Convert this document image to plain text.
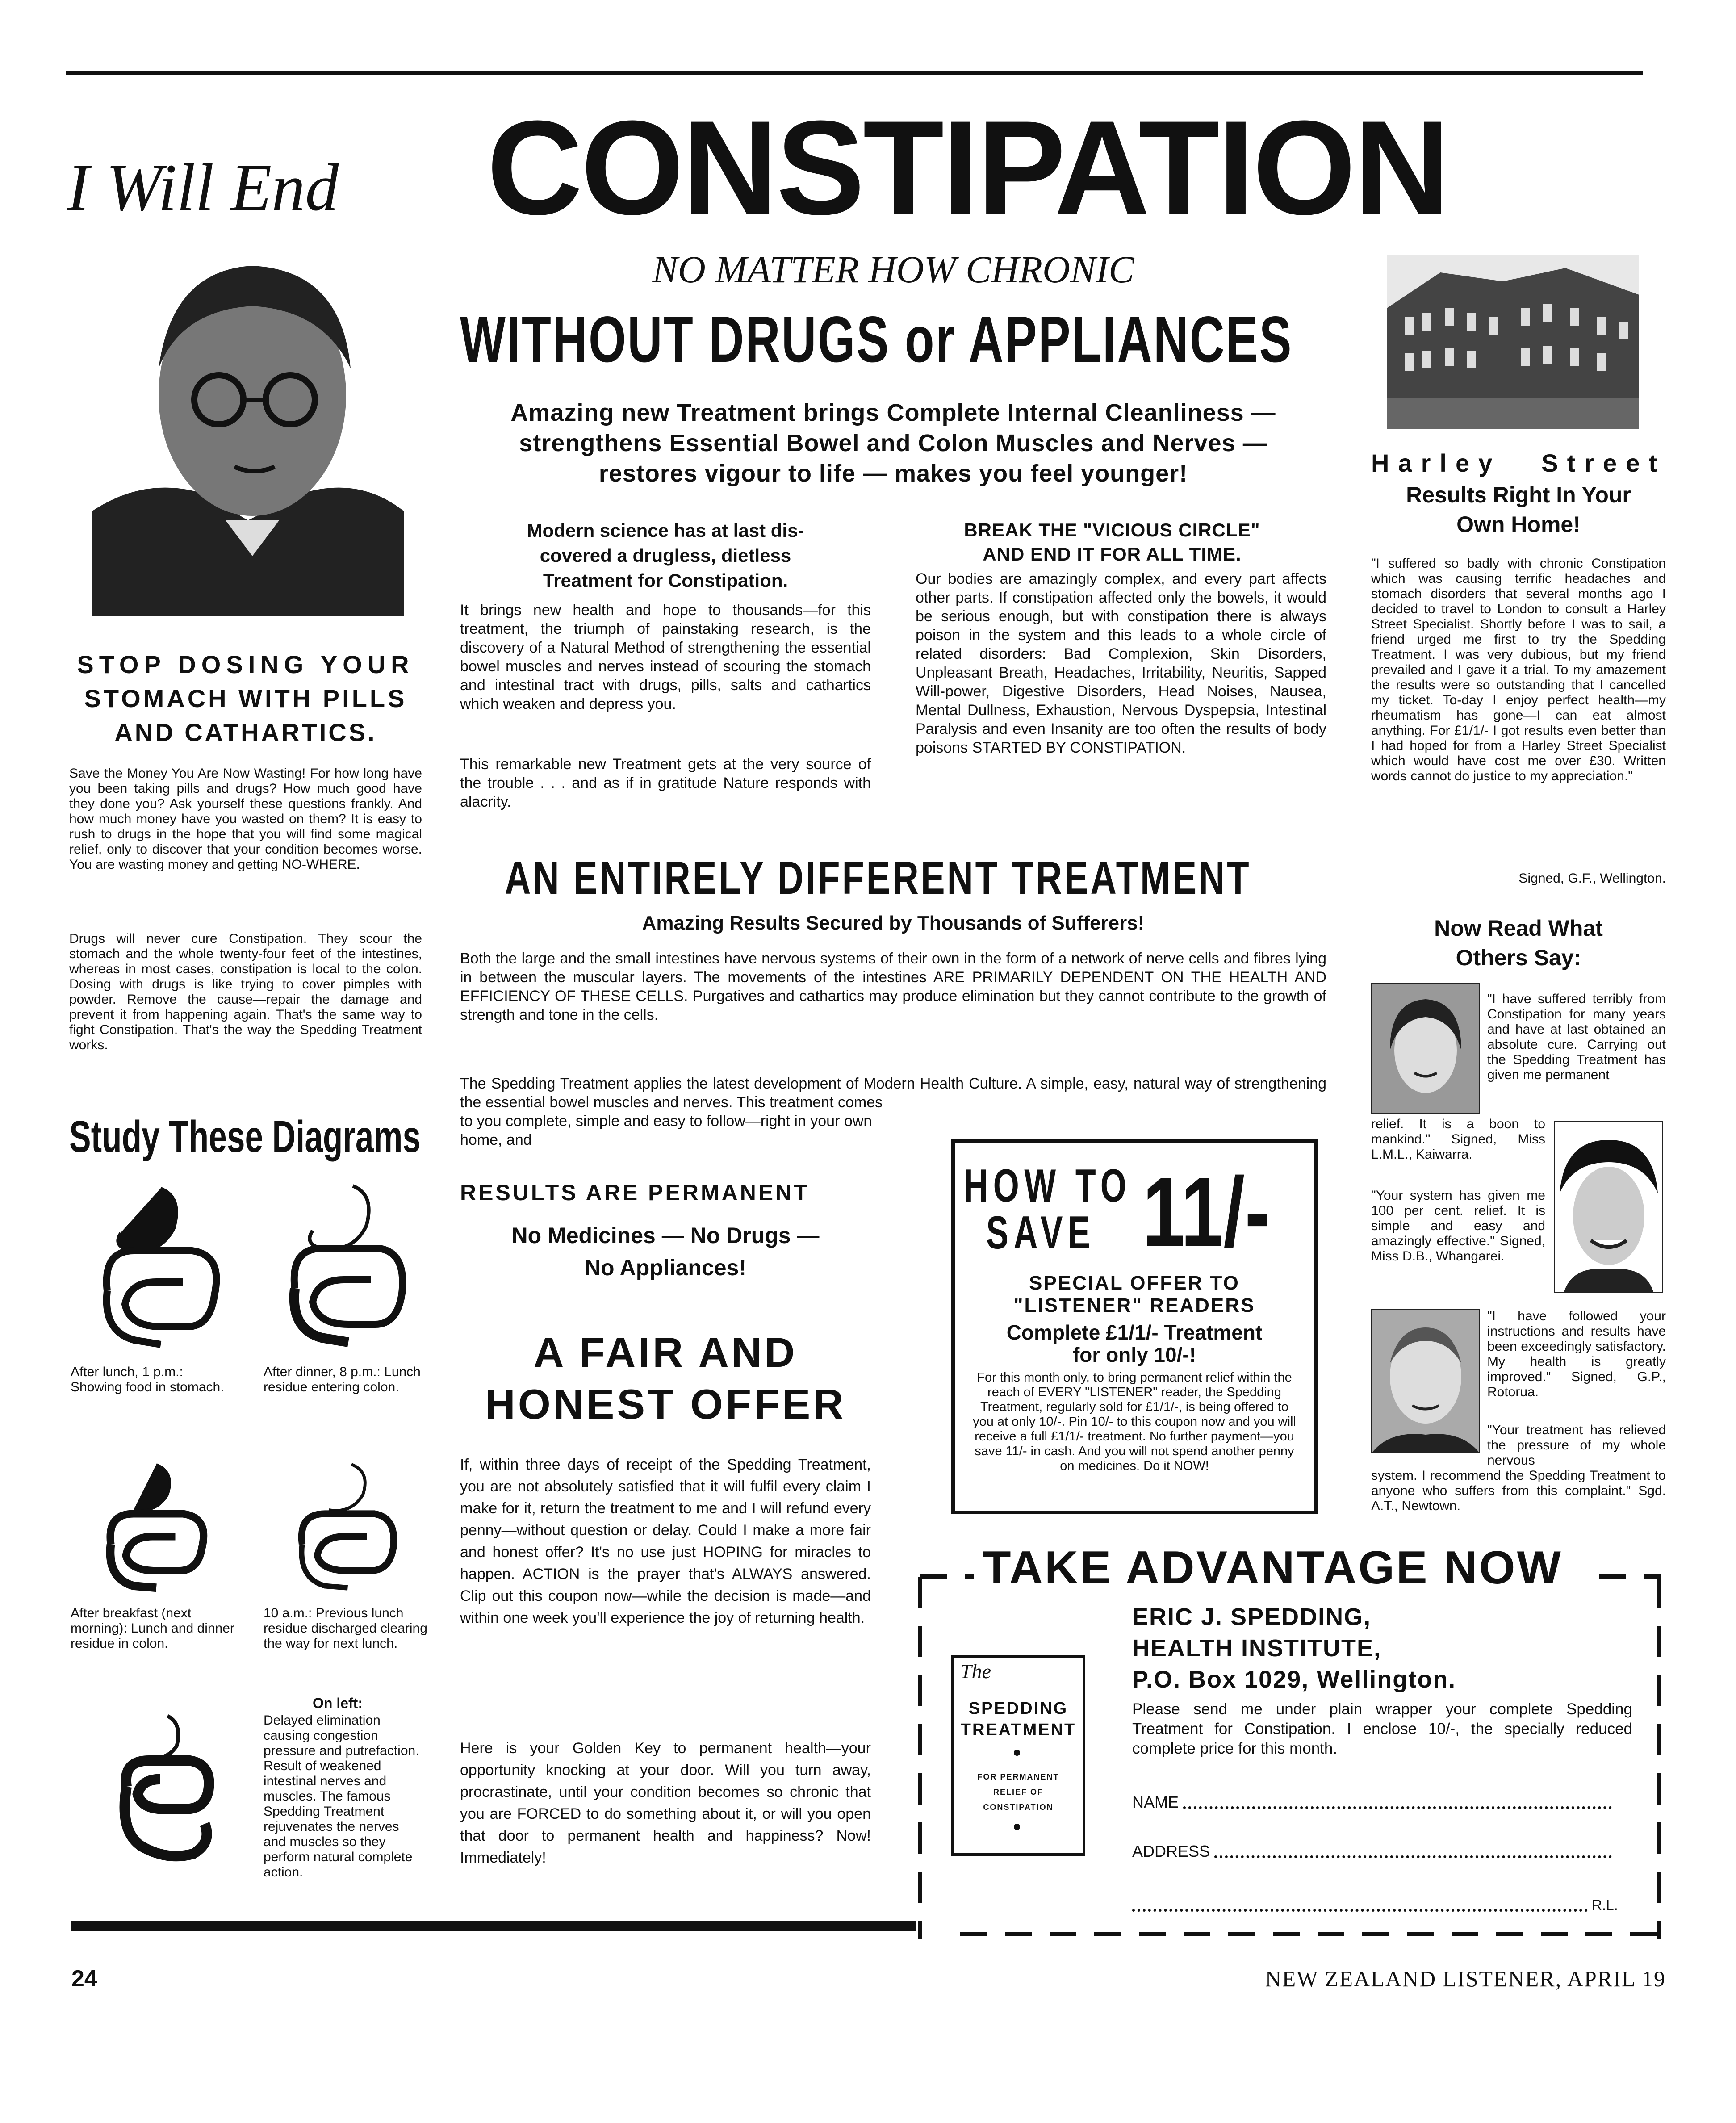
I Will End CONSTIPATION
NO MATTER HOW CHRONIC
WITHOUT DRUGS or APPLIANCES
Amazing new Treatment brings Complete Internal Cleanliness —
strengthens Essential Bowel and Colon Muscles and Nerves —
restores vigour to life — makes you feel younger!
STOP DOSING YOUR
STOMACH WITH PILLS
AND CATHARTICS.

Save the Money You Are Now Wasting! For how long have you been taking pills and drugs? How much good have they done you? Ask yourself these questions frankly. And how much money have you wasted on them? It is easy to rush to drugs in the hope that you will find some magical relief, only to discover that your condition becomes worse. You are wasting money and getting NO-WHERE.

Drugs will never cure Constipation. They scour the stomach and the whole twenty-four feet of the intestines, whereas in most cases, constipation is local to the colon. Dosing with drugs is like trying to cover pimples with powder. Remove the cause—repair the damage and prevent it from happening again. That's the same way to fight Constipation. That's the way the Spedding Treatment works.

Study These Diagrams
After lunch, 1 p.m.: Showing food in stomach.
After dinner, 8 p.m.: Lunch residue entering colon.
After breakfast (next morning): Lunch and dinner residue in colon.
10 a.m.: Previous lunch residue discharged clearing the way for next lunch.
On left:

Delayed elimination causing congestion pressure and putrefaction. Result of weakened intestinal nerves and muscles. The famous Spedding Treatment rejuvenates the nerves and muscles so they perform natural complete action.

Modern science has at last dis-
covered a drugless, dietless
Treatment for Constipation.

It brings new health and hope to thousands—for this treatment, the triumph of painstaking research, is the discovery of a Natural Method of strengthening the essential bowel muscles and nerves instead of scouring the stomach and intestinal tract with drugs, pills, salts and cathartics which weaken and depress you.

This remarkable new Treatment gets at the very source of the trouble . . . and as if in gratitude Nature responds with alacrity.

BREAK THE "VICIOUS CIRCLE"
AND END IT FOR ALL TIME.

Our bodies are amazingly complex, and every part affects other parts. If constipation affected only the bowels, it would be serious enough, but with constipation there is always poison in the system and this leads to a whole circle of related disorders: Bad Complexion, Skin Disorders, Unpleasant Breath, Headaches, Irritability, Neuritis, Sapped Will-power, Digestive Disorders, Head Noises, Nausea, Mental Dullness, Exhaustion, Nervous Dyspepsia, Intestinal Paralysis and even Insanity are too often the results of body poisons STARTED BY CONSTIPATION.

AN ENTIRELY DIFFERENT TREATMENT
Amazing Results Secured by Thousands of Sufferers!

Both the large and the small intestines have nervous systems of their own in the form of a network of nerve cells and fibres lying in between the muscular layers. The movements of the intestines ARE PRIMARILY DEPENDENT ON THE HEALTH AND EFFICIENCY OF THESE CELLS. Purgatives and cathartics may produce elimination but they cannot contribute to the growth of strength and tone in the cells.

The Spedding Treatment applies the latest development of Modern Health Culture. A simple, easy, natural way of strengthening the essential bowel muscles and nerves. This treatment comes

to you complete, simple and easy to follow—right in your own home, and

RESULTS ARE PERMANENT
No Medicines — No Drugs —
No Appliances!
A FAIR AND
HONEST OFFER

If, within three days of receipt of the Spedding Treatment, you are not absolutely satisfied that it will fulfil every claim I make for it, return the treatment to me and I will refund every penny—without question or delay. Could I make a more fair and honest offer? It's no use just HOPING for miracles to happen. ACTION is the prayer that's ALWAYS answered. Clip out this coupon now—while the decision is made—and within one week you'll experience the joy of returning health.

Here is your Golden Key to permanent health—your opportunity knocking at your door. Will you turn away, procrastinate, until your condition becomes so chronic that you are FORCED to do something about it, or will you open that door to permanent health and happiness? Now! Immediately!

HOW TO
SAVE 11/-
SPECIAL OFFER TO
"LISTENER" READERS
Complete £1/1/- Treatment
for only 10/-!

For this month only, to bring permanent relief within the reach of EVERY "LISTENER" reader, the Spedding Treatment, regularly sold for £1/1/-, is being offered to you at only 10/-. Pin 10/- to this coupon now and you will receive a full £1/1/- treatment. No further payment—you save 11/- in cash. And you will not spend another penny on medicines. Do it NOW!

Harley Street
Results Right In Your
Own Home!

"I suffered so badly with chronic Constipation which was causing terrific headaches and stomach disorders that several months ago I decided to travel to London to consult a Harley Street Specialist. Shortly before I was to sail, a friend urged me first to try the Spedding Treatment. I was very dubious, but my friend prevailed and I gave it a trial. To my amazement the results were so outstanding that I cancelled my ticket. To-day I enjoy perfect health—my rheumatism has gone—I can eat almost anything. For £1/1/- I got results even better than I had hoped for from a Harley Street Specialist which would have cost me over £30. Written words cannot do justice to my appreciation."

Signed, G.F., Wellington.
Now Read What
Others Say:

"I have suffered terribly from Constipation for many years and have at last obtained an absolute cure. Carrying out the Spedding Treatment has given me permanent

relief. It is a boon to mankind." Signed, Miss L.M.L., Kaiwarra.

"Your system has given me 100 per cent. relief. It is simple and easy and amazingly effective." Signed, Miss D.B., Whangarei.

"I have followed your instructions and results have been exceedingly satisfactory. My health is greatly improved." Signed, G.P., Rotorua.

"Your treatment has relieved the pressure of my whole nervous

system. I recommend the Spedding Treatment to anyone who suffers from this complaint." Sgd. A.T., Newtown.

TAKE ADVANTAGE NOW
The
SPEDDING
TREATMENT
FOR PERMANENT
RELIEF OF
CONSTIPATION
ERIC J. SPEDDING,
HEALTH INSTITUTE,
P.O. Box 1029, Wellington.

Please send me under plain wrapper your complete Spedding Treatment for Constipation. I enclose 10/-, the specially reduced complete price for this month.

NAME
ADDRESS
R.L.
24	NEW ZEALAND LISTENER, APRIL 19
